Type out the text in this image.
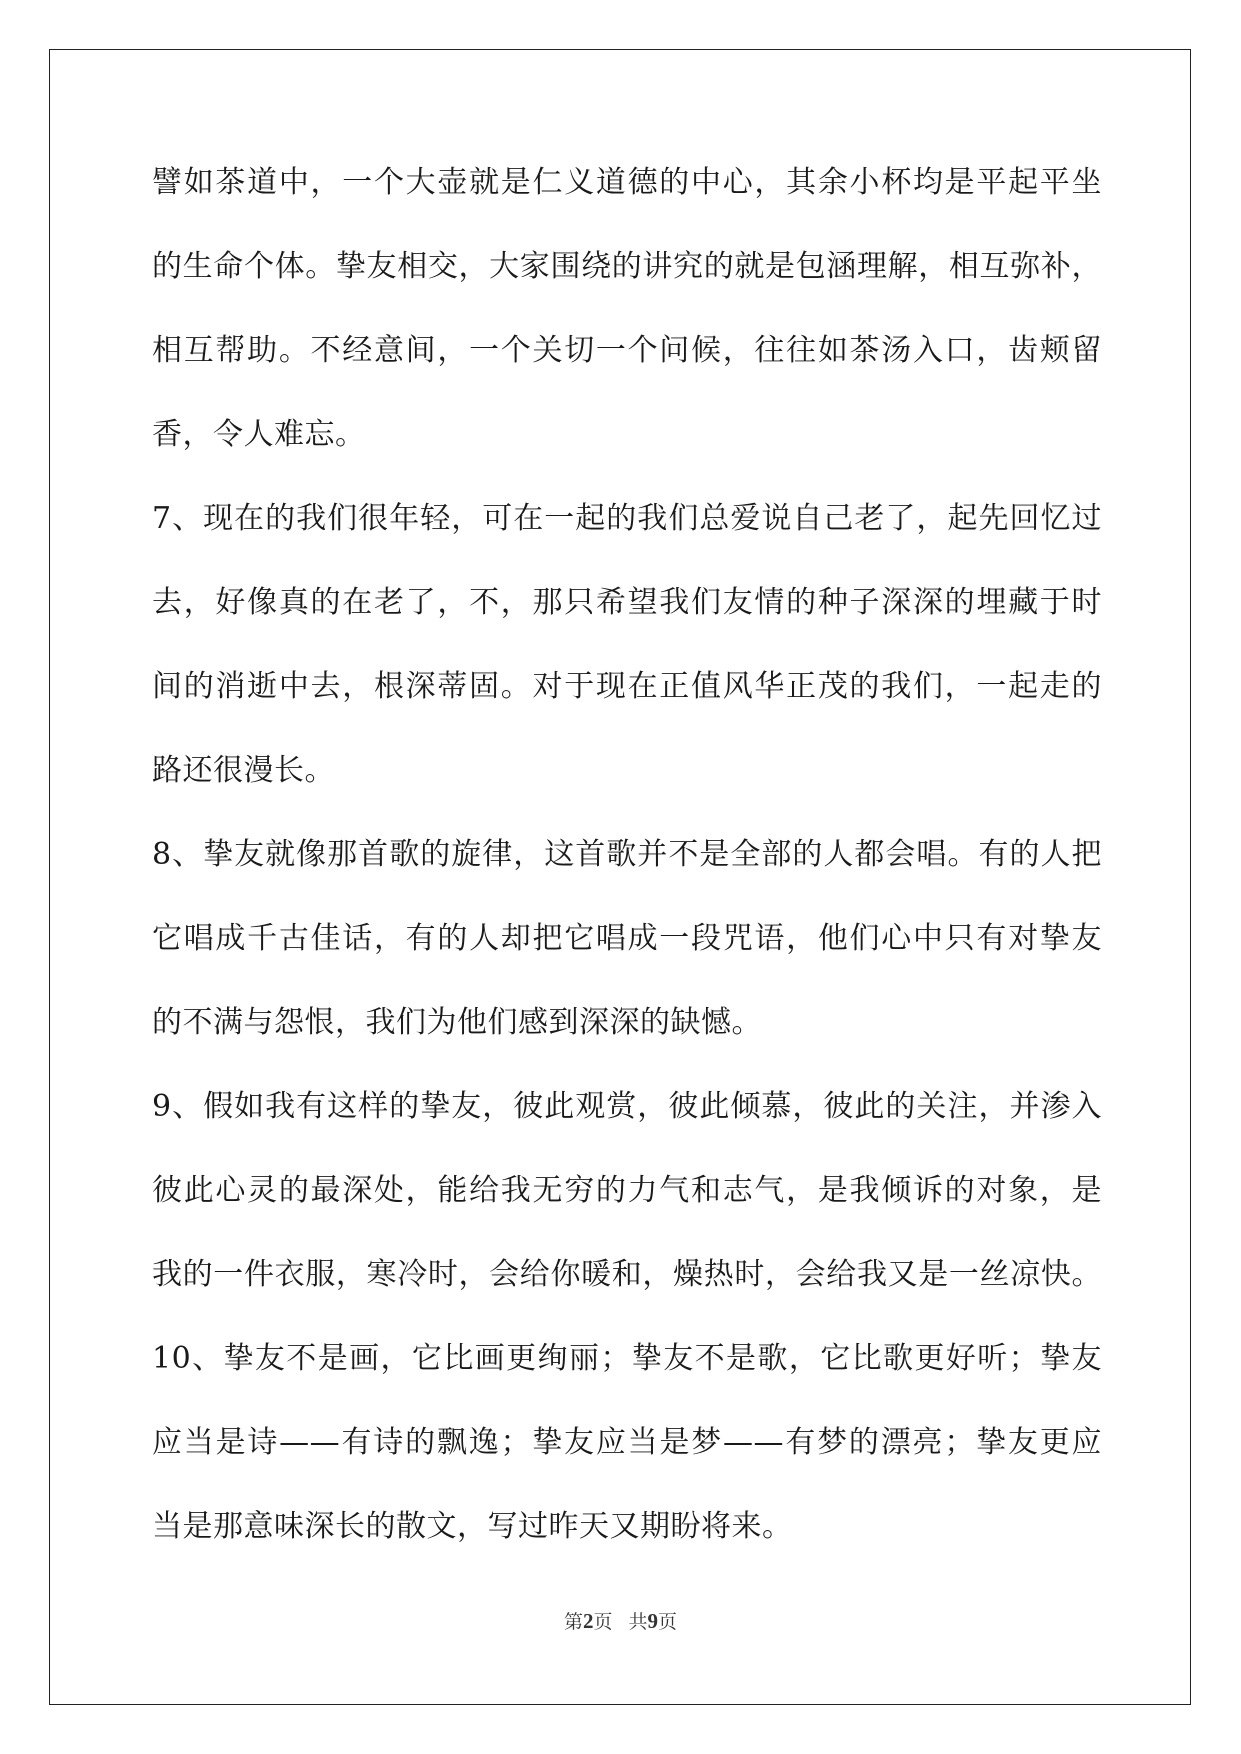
譬如茶道中，一个大壶就是仁义道德的中心，其余小杯均是平起平坐
的生命个体。挚友相交，大家围绕的讲究的就是包涵理解，相互弥补，
相互帮助。不经意间，一个关切一个问候，往往如茶汤入口，齿颊留
香，令人难忘。
7、现在的我们很年轻，可在一起的我们总爱说自己老了，起先回忆过
去，好像真的在老了，不，那只希望我们友情的种子深深的埋藏于时
间的消逝中去，根深蒂固。对于现在正值风华正茂的我们，一起走的
路还很漫长。
8、挚友就像那首歌的旋律，这首歌并不是全部的人都会唱。有的人把
它唱成千古佳话，有的人却把它唱成一段咒语，他们心中只有对挚友
的不满与怨恨，我们为他们感到深深的缺憾。
9、假如我有这样的挚友，彼此观赏，彼此倾慕，彼此的关注，并渗入
彼此心灵的最深处，能给我无穷的力气和志气，是我倾诉的对象，是
我的一件衣服，寒冷时，会给你暖和，燥热时，会给我又是一丝凉快。
10、挚友不是画，它比画更绚丽；挚友不是歌，它比歌更好听；挚友
应当是诗——有诗的飘逸；挚友应当是梦——有梦的漂亮；挚友更应
当是那意味深长的散文，写过昨天又期盼将来。
第2页 共9页
